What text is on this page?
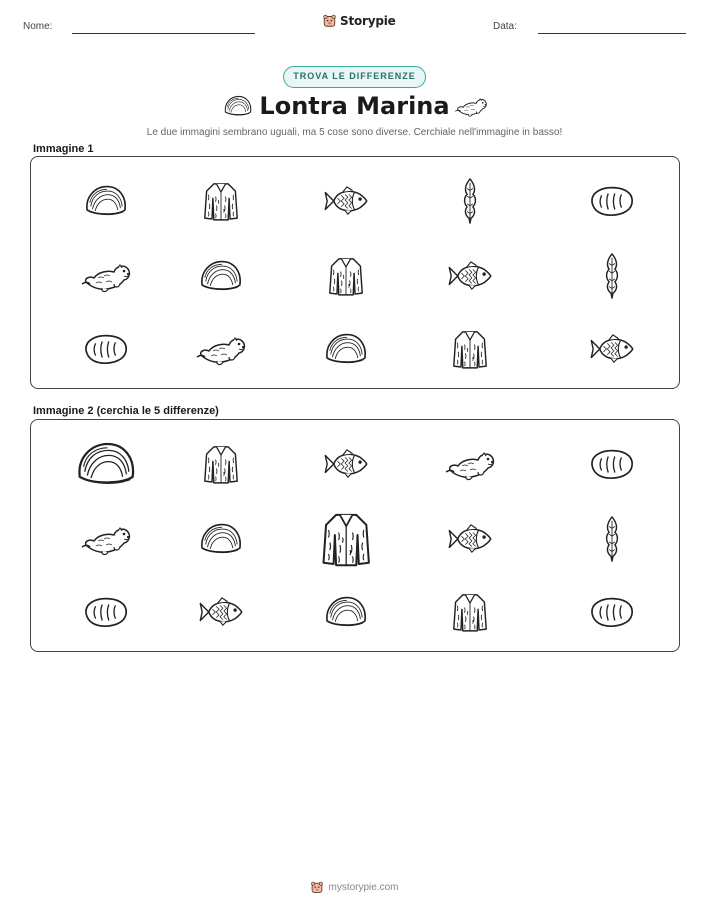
Nome:	Storypie	Data:
TROVA LE DIFFERENZE
Lontra Marina
Le due immagini sembrano uguali, ma 5 cose sono diverse. Cerchiale nell'immagine in basso!
Immagine 1
Immagine 2 (cerchia le 5 differenze)
mystorypie.com
